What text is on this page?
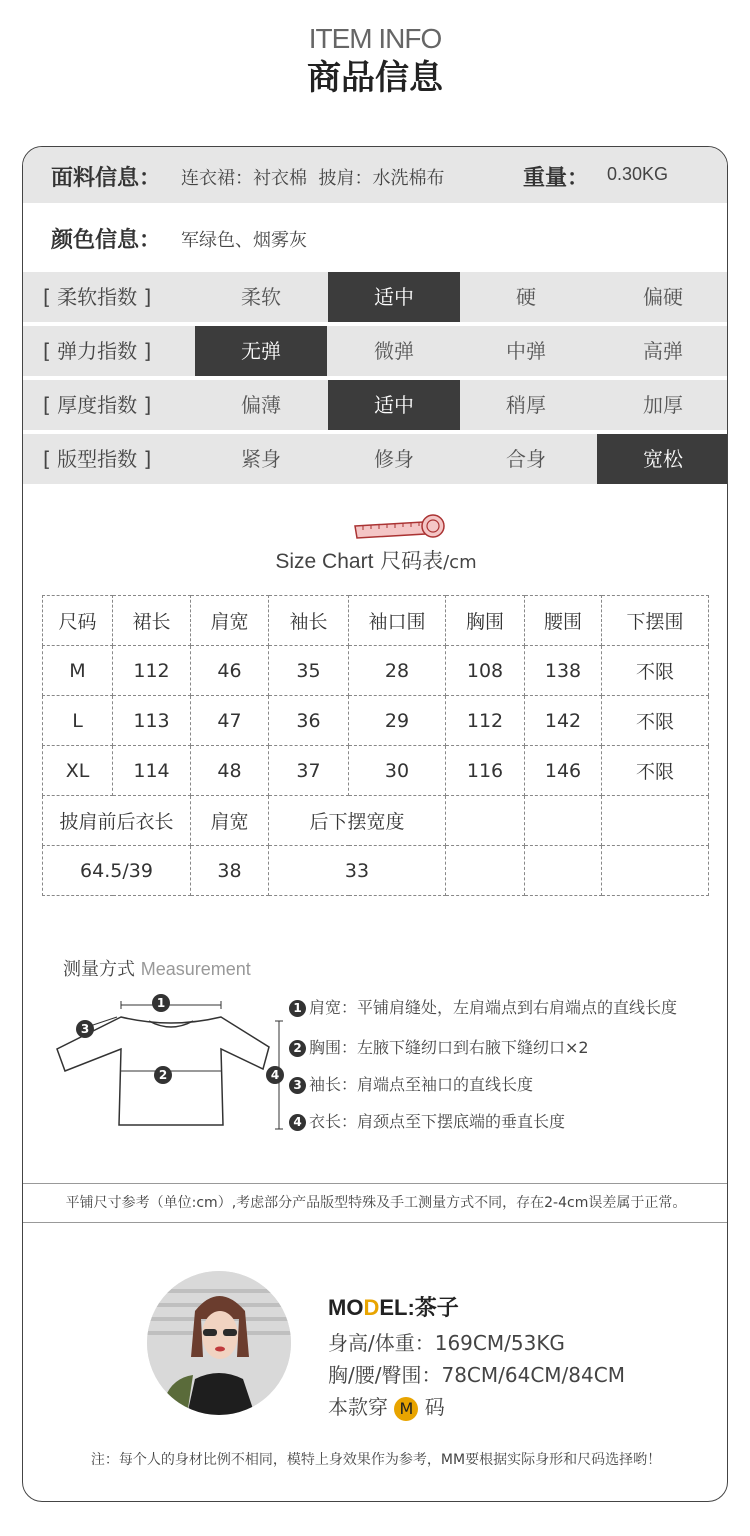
ITEM INFO
商品信息
面料信息： 连衣裙：衬衣棉  披肩：水洗棉布	重量： 0.30KG
颜色信息： 军绿色、烟雾灰
[ 柔软指数 ]	柔软	适中	硬	偏硬
[ 弹力指数 ]	无弹	微弹	中弹	高弹
[ 厚度指数 ]	偏薄	适中	稍厚	加厚
[ 版型指数 ]	紧身	修身	合身	宽松
Size Chart 尺码表/cm
尺码	裙长	肩宽	袖长	袖口围	胸围	腰围	下摆围
M	112	46	35	28	108	138	不限
L	113	47	36	29	112	142	不限
XL	114	48	37	30	116	146	不限
披肩前后衣长		肩宽	后下摆宽度				
64.5/39		38	33				
测量方式 Measurement
1
2
3
4
1 肩宽：平铺肩缝处，左肩端点到右肩端点的直线长度
2 胸围：左腋下缝纫口到右腋下缝纫口×2
3 袖长：肩端点至袖口的直线长度
4 衣长：肩颈点至下摆底端的垂直长度
平铺尺寸参考（单位:cm）,考虑部分产品版型特殊及手工测量方式不同，存在2-4cm误差属于正常。
MODEL:茶子
身高/体重：169CM/53KG
胸/腰/臀围：78CM/64CM/84CM
本款穿 M 码
注：每个人的身材比例不相同，模特上身效果作为参考，MM要根据实际身形和尺码选择哟！
